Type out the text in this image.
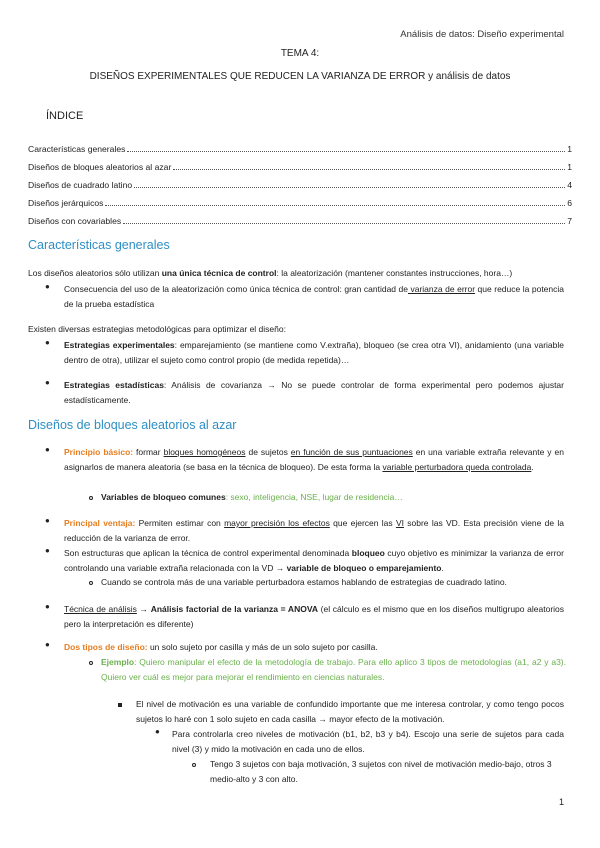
Análisis de datos: Diseño experimental
TEMA 4:
DISEÑOS EXPERIMENTALES QUE REDUCEN LA VARIANZA DE ERROR y análisis de datos
ÍNDICE
Características generales	1
Diseños de bloques aleatorios al azar	1
Diseños de cuadrado latino	4
Diseños jerárquicos	6
Diseños con covariables	7
Características generales
Los diseños aleatorios sólo utilizan una única técnica de control: la aleatorización (mantener constantes instrucciones, hora…)
● Consecuencia del uso de la aleatorización como única técnica de control: gran cantidad de varianza de error que reduce la potencia de la prueba estadística
Existen diversas estrategias metodológicas para optimizar el diseño:
● Estrategias experimentales: emparejamiento (se mantiene como V.extraña), bloqueo (se crea otra VI), anidamiento (una variable dentro de otra), utilizar el sujeto como control propio (de medida repetida)…
● Estrategias estadísticas: Análisis de covarianza → No se puede controlar de forma experimental pero podemos ajustar estadísticamente.
Diseños de bloques aleatorios al azar
● Principio básico: formar bloques homogéneos de sujetos en función de sus puntuaciones en una variable extraña relevante y en asignarlos de manera aleatoria (se basa en la técnica de bloqueo). De esta forma la variable perturbadora queda controlada.
Variables de bloqueo comunes: sexo, inteligencia, NSE, lugar de residencia…
● Principal ventaja: Permiten estimar con mayor precisión los efectos que ejercen las VI sobre las VD. Esta precisión viene de la reducción de la varianza de error.
● Son estructuras que aplican la técnica de control experimental denominada bloqueo cuyo objetivo es minimizar la varianza de error controlando una variable extraña relacionada con la VD → variable de bloqueo o emparejamiento.
Cuando se controla más de una variable perturbadora estamos hablando de estrategias de cuadrado latino.
● Técnica de análisis → Análisis factorial de la varianza = ANOVA (el cálculo es el mismo que en los diseños multigrupo aleatorios pero la interpretación es diferente)
● Dos tipos de diseño: un solo sujeto por casilla y más de un solo sujeto por casilla.
Ejemplo: Quiero manipular el efecto de la metodología de trabajo. Para ello aplico 3 tipos de metodologías (a1, a2 y a3). Quiero ver cuál es mejor para mejorar el rendimiento en ciencias naturales.
El nivel de motivación es una variable de confundido importante que me interesa controlar, y como tengo pocos sujetos lo haré con 1 solo sujeto en cada casilla → mayor efecto de la motivación.
● Para controlarla creo niveles de motivación (b1, b2, b3 y b4). Escojo una serie de sujetos para cada nivel (3) y mido la motivación en cada uno de ellos.
Tengo 3 sujetos con baja motivación, 3 sujetos con nivel de motivación medio-bajo, otros 3 medio-alto y 3 con alto.
1
